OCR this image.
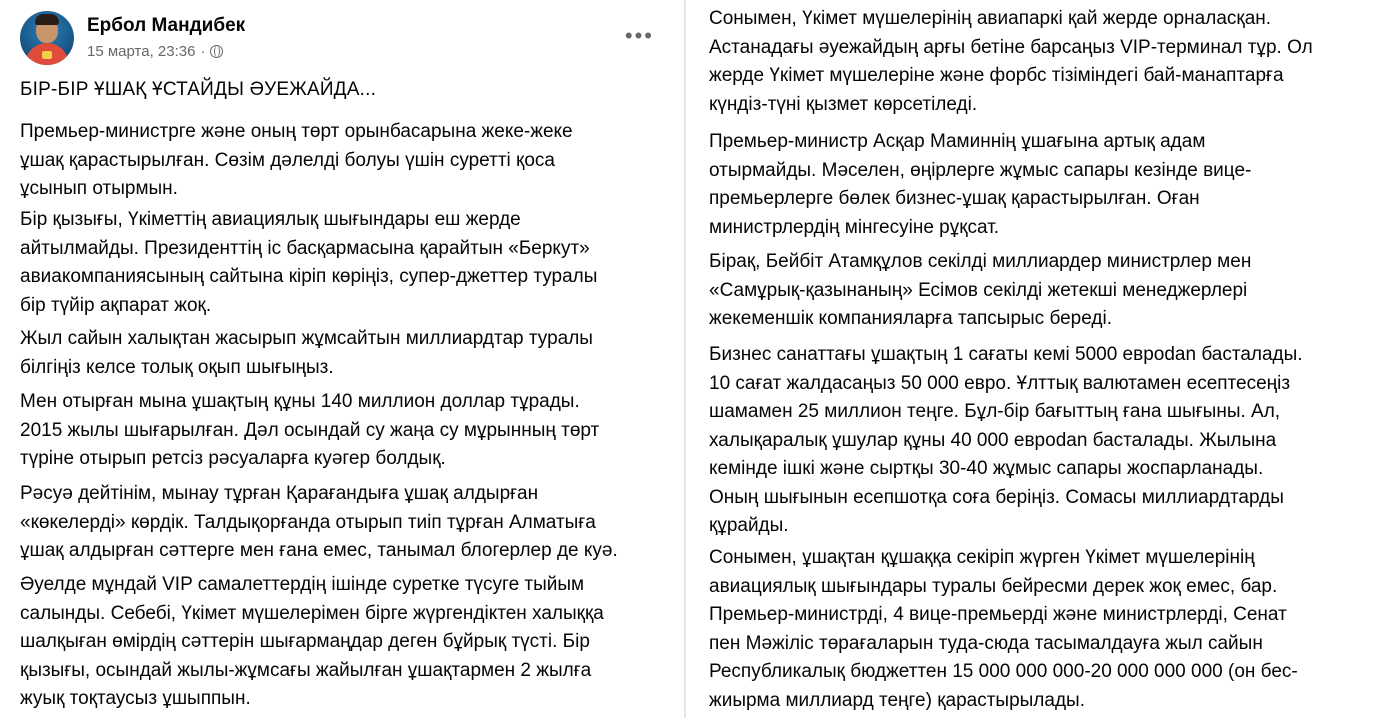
Ербол Мандибек
15 марта, 23:36 ·
•••
БІР-БІР ҰШАҚ ҰСТАЙДЫ ӘУЕЖАЙДА...

Премьер-министрге және оның төрт орынбасарына жеке-жеке
ұшақ қарастырылған. Сөзім дәлелді болуы үшін суретті қоса
ұсынып отырмын.

Бір қызығы, Үкіметтің авиациялық шығындары еш жерде
айтылмайды. Президенттің іс басқармасына қарайтын «Беркут»
авиакомпаниясының сайтына кіріп көріңіз, супер-джеттер туралы
бір түйір ақпарат жоқ.

Жыл сайын халықтан жасырып жұмсайтын миллиардтар туралы
білгіңіз келсе толық оқып шығыңыз.

Мен отырған мына ұшақтың құны 140 миллион доллар тұрады.
2015 жылы шығарылған. Дәл осындай су жаңа су мұрынның төрт
түріне отырып ретсіз рәсуаларға куәгер болдық.

Рәсуә дейтінім, мынау тұрған Қарағандыға ұшақ алдырған
«көкелерді» көрдік. Талдықорғанда отырып тиіп тұрған Алматыға
ұшақ алдырған сәттерге мен ғана емес, танымал блогерлер де куә.

Әуелде мұндай VIP самалеттердің ішінде суретке түсуге тыйым
салынды. Себебі, Үкімет мүшелерімен бірге жүргендіктен халыққа
шалқыған өмірдің сәттерін шығармаңдар деген бұйрық түсті. Бір
қызығы, осындай жылы-жұмсағы жайылған ұшақтармен 2 жылға
жуық тоқтаусыз ұшыппын.

Сонымен, Үкімет мүшелерінің авиапаркі қай жерде орналасқан.
Астанадағы әуежайдың арғы бетіне барсаңыз VIP-терминал тұр. Ол
жерде Үкімет мүшелеріне және форбс тізіміндегі бай-манаптарға
күндіз-түні қызмет көрсетіледі.

Премьер-министр Асқар Маминнің ұшағына артық адам
отырмайды. Мәселен, өңірлерге жұмыс сапары кезінде вице-
премьерлерге бөлек бизнес-ұшақ қарастырылған. Оған
министрлердің мінгесуіне рұқсат.

Бірақ, Бейбіт Атамқұлов секілді миллиардер министрлер мен
«Самұрық-қазынаның» Есімов секілді жетекші менеджерлері
жекеменшік компанияларға тапсырыс береді.

Бизнес санаттағы ұшақтың 1 сағаты кемі 5000 еврodan басталады.
10 сағат жалдасаңыз 50 000 евро. Ұлттық валютамен есептесеңіз
шамамен 25 миллион теңге. Бұл-бір бағыттың ғана шығыны. Ал,
халықаралық ұшулар құны 40 000 еврodan басталады. Жылына
кемінде ішкі және сыртқы 30-40 жұмыс сапары жоспарланады.
Оның шығынын есепшотқа соға беріңіз. Сомасы миллиардтарды
құрайды.

Сонымен, ұшақтан құшаққа секіріп жүрген Үкімет мүшелерінің
авиациялық шығындары туралы бейресми дерек жоқ емес, бар.
Премьер-министрді, 4 вице-премьерді және министрлерді, Сенат
пен Мәжіліс төрағаларын туда-сюда тасымалдауға жыл сайын
Республикалық бюджеттен 15 000 000 000-20 000 000 000 (он бес-
жиырма миллиард теңге) қарастырылады.
